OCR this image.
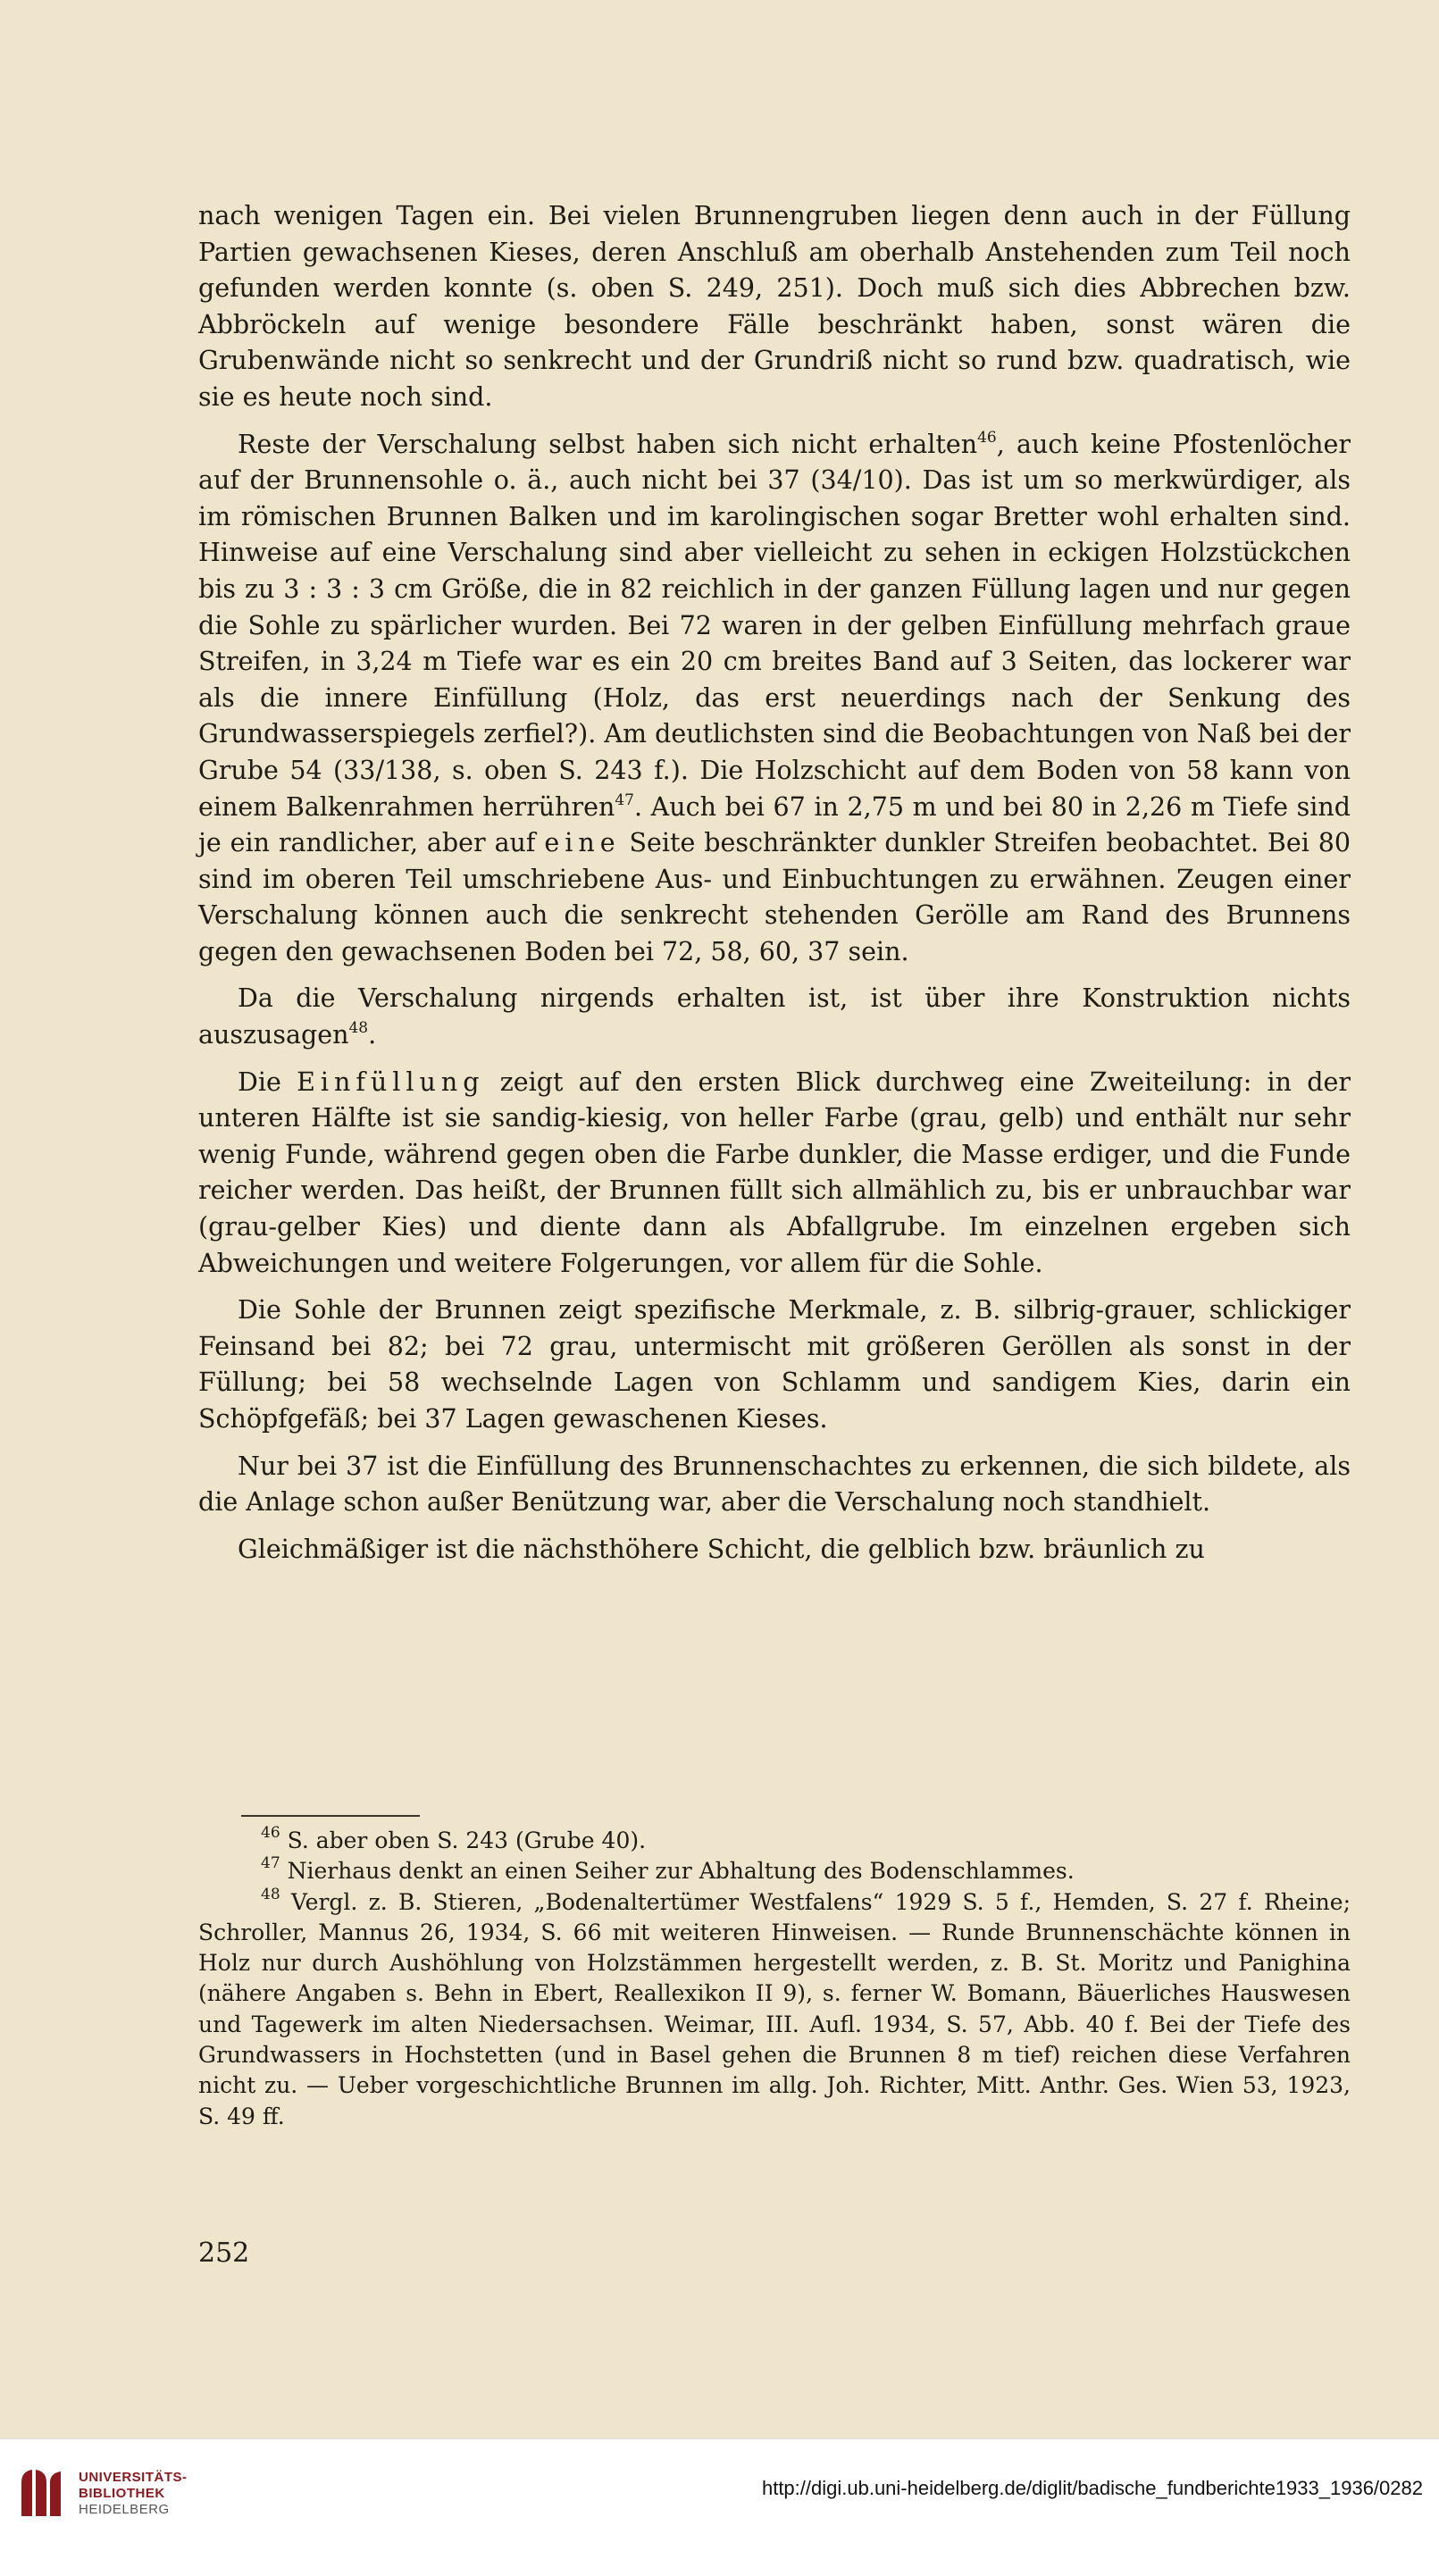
nach wenigen Tagen ein. Bei vielen Brunnengruben liegen denn auch in der Füllung Partien gewachsenen Kieses, deren Anschluß am oberhalb Anstehenden zum Teil noch gefunden werden konnte (s. oben S. 249, 251). Doch muß sich dies Abbrechen bzw. Abbröckeln auf wenige besondere Fälle beschränkt haben, sonst wären die Grubenwände nicht so senkrecht und der Grundriß nicht so rund bzw. quadratisch, wie sie es heute noch sind.

Reste der Verschalung selbst haben sich nicht erhalten$^{46}$, auch keine Pfostenlöcher auf der Brunnensohle o. ä., auch nicht bei 37 (34/10). Das ist um so merkwürdiger, als im römischen Brunnen Balken und im karolingischen sogar Bretter wohl erhalten sind. Hinweise auf eine Verschalung sind aber vielleicht zu sehen in eckigen Holzstückchen bis zu 3 : 3 : 3 cm Größe, die in 82 reichlich in der ganzen Füllung lagen und nur gegen die Sohle zu spärlicher wurden. Bei 72 waren in der gelben Einfüllung mehrfach graue Streifen, in 3,24 m Tiefe war es ein 20 cm breites Band auf 3 Seiten, das lockerer war als die innere Einfüllung (Holz, das erst neuerdings nach der Senkung des Grundwasserspiegels zerfiel?). Am deutlichsten sind die Beobachtungen von Naß bei der Grube 54 (33/138, s. oben S. 243 f.). Die Holzschicht auf dem Boden von 58 kann von einem Balkenrahmen herrühren$^{47}$. Auch bei 67 in 2,75 m und bei 80 in 2,26 m Tiefe sind je ein randlicher, aber auf eine Seite beschränkter dunkler Streifen beobachtet. Bei 80 sind im oberen Teil umschriebene Aus- und Einbuchtungen zu erwähnen. Zeugen einer Verschalung können auch die senkrecht stehenden Gerölle am Rand des Brunnens gegen den gewachsenen Boden bei 72, 58, 60, 37 sein.

Da die Verschalung nirgends erhalten ist, ist über ihre Konstruktion nichts auszusagen$^{48}$.

Die Einfüllung zeigt auf den ersten Blick durchweg eine Zweiteilung: in der unteren Hälfte ist sie sandig-kiesig, von heller Farbe (grau, gelb) und enthält nur sehr wenig Funde, während gegen oben die Farbe dunkler, die Masse erdiger, und die Funde reicher werden. Das heißt, der Brunnen füllt sich allmählich zu, bis er unbrauchbar war (grau-gelber Kies) und diente dann als Abfallgrube. Im einzelnen ergeben sich Abweichungen und weitere Folgerungen, vor allem für die Sohle.

Die Sohle der Brunnen zeigt spezifische Merkmale, z. B. silbrig-grauer, schlickiger Feinsand bei 82; bei 72 grau, untermischt mit größeren Geröllen als sonst in der Füllung; bei 58 wechselnde Lagen von Schlamm und sandigem Kies, darin ein Schöpfgefäß; bei 37 Lagen gewaschenen Kieses.

Nur bei 37 ist die Einfüllung des Brunnenschachtes zu erkennen, die sich bildete, als die Anlage schon außer Benützung war, aber die Verschalung noch standhielt.

Gleichmäßiger ist die nächsthöhere Schicht, die gelblich bzw. bräunlich zu

$^{46}$ S. aber oben S. 243 (Grube 40).

$^{47}$ Nierhaus denkt an einen Seiher zur Abhaltung des Bodenschlammes.

$^{48}$ Vergl. z. B. Stieren, „Bodenaltertümer Westfalens“ 1929 S. 5 f., Hemden, S. 27 f. Rheine; Schroller, Mannus 26, 1934, S. 66 mit weiteren Hinweisen. — Runde Brunnenschächte können in Holz nur durch Aushöhlung von Holzstämmen hergestellt werden, z. B. St. Moritz und Panighina (nähere Angaben s. Behn in Ebert, Reallexikon II 9), s. ferner W. Bomann, Bäuerliches Hauswesen und Tagewerk im alten Niedersachsen. Weimar, III. Aufl. 1934, S. 57, Abb. 40 f. Bei der Tiefe des Grundwassers in Hochstetten (und in Basel gehen die Brunnen 8 m tief) reichen diese Verfahren nicht zu. — Ueber vorgeschichtliche Brunnen im allg. Joh. Richter, Mitt. Anthr. Ges. Wien 53, 1923, S. 49 ff.

252
UNIVERSITÄTS-
BIBLIOTHEK
HEIDELBERG
http://digi.ub.uni-heidelberg.de/diglit/badische_fundberichte1933_1936/0282
